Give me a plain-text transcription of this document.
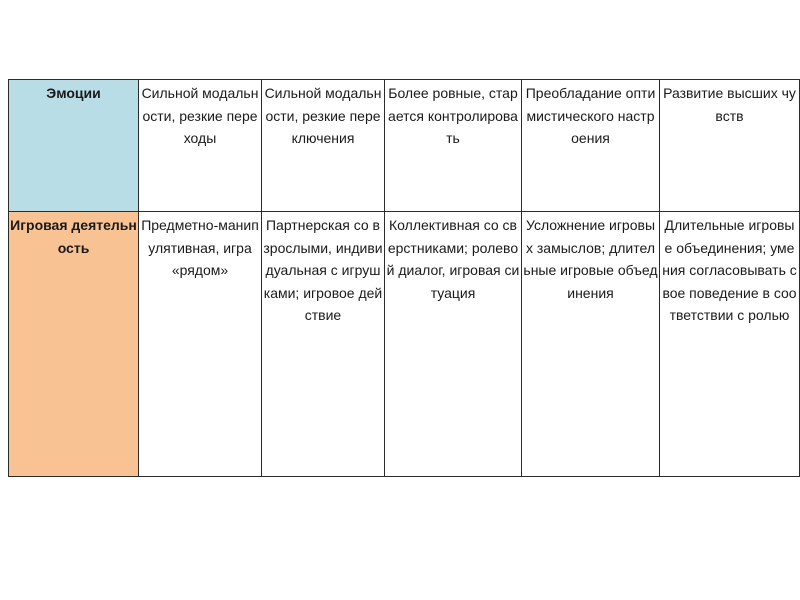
Эмоции	Сильной модальности, резкие переходы	Сильной модальности, резкие переключения	Более ровные, старается контролировать	Преобладание оптимистического настроения	Развитие высших чувств

Игровая деятельность	Предметно-манипулятивная, игра «рядом»	Партнерская со взрослыми, индивидуальная с игрушками; игровое действие	Коллективная со сверстниками; ролевой диалог, игровая ситуация	Усложнение игровых замыслов; длительные игровые объединения	Длительные игровые объединения; умения согласовывать свое поведение в соответствии с ролью
